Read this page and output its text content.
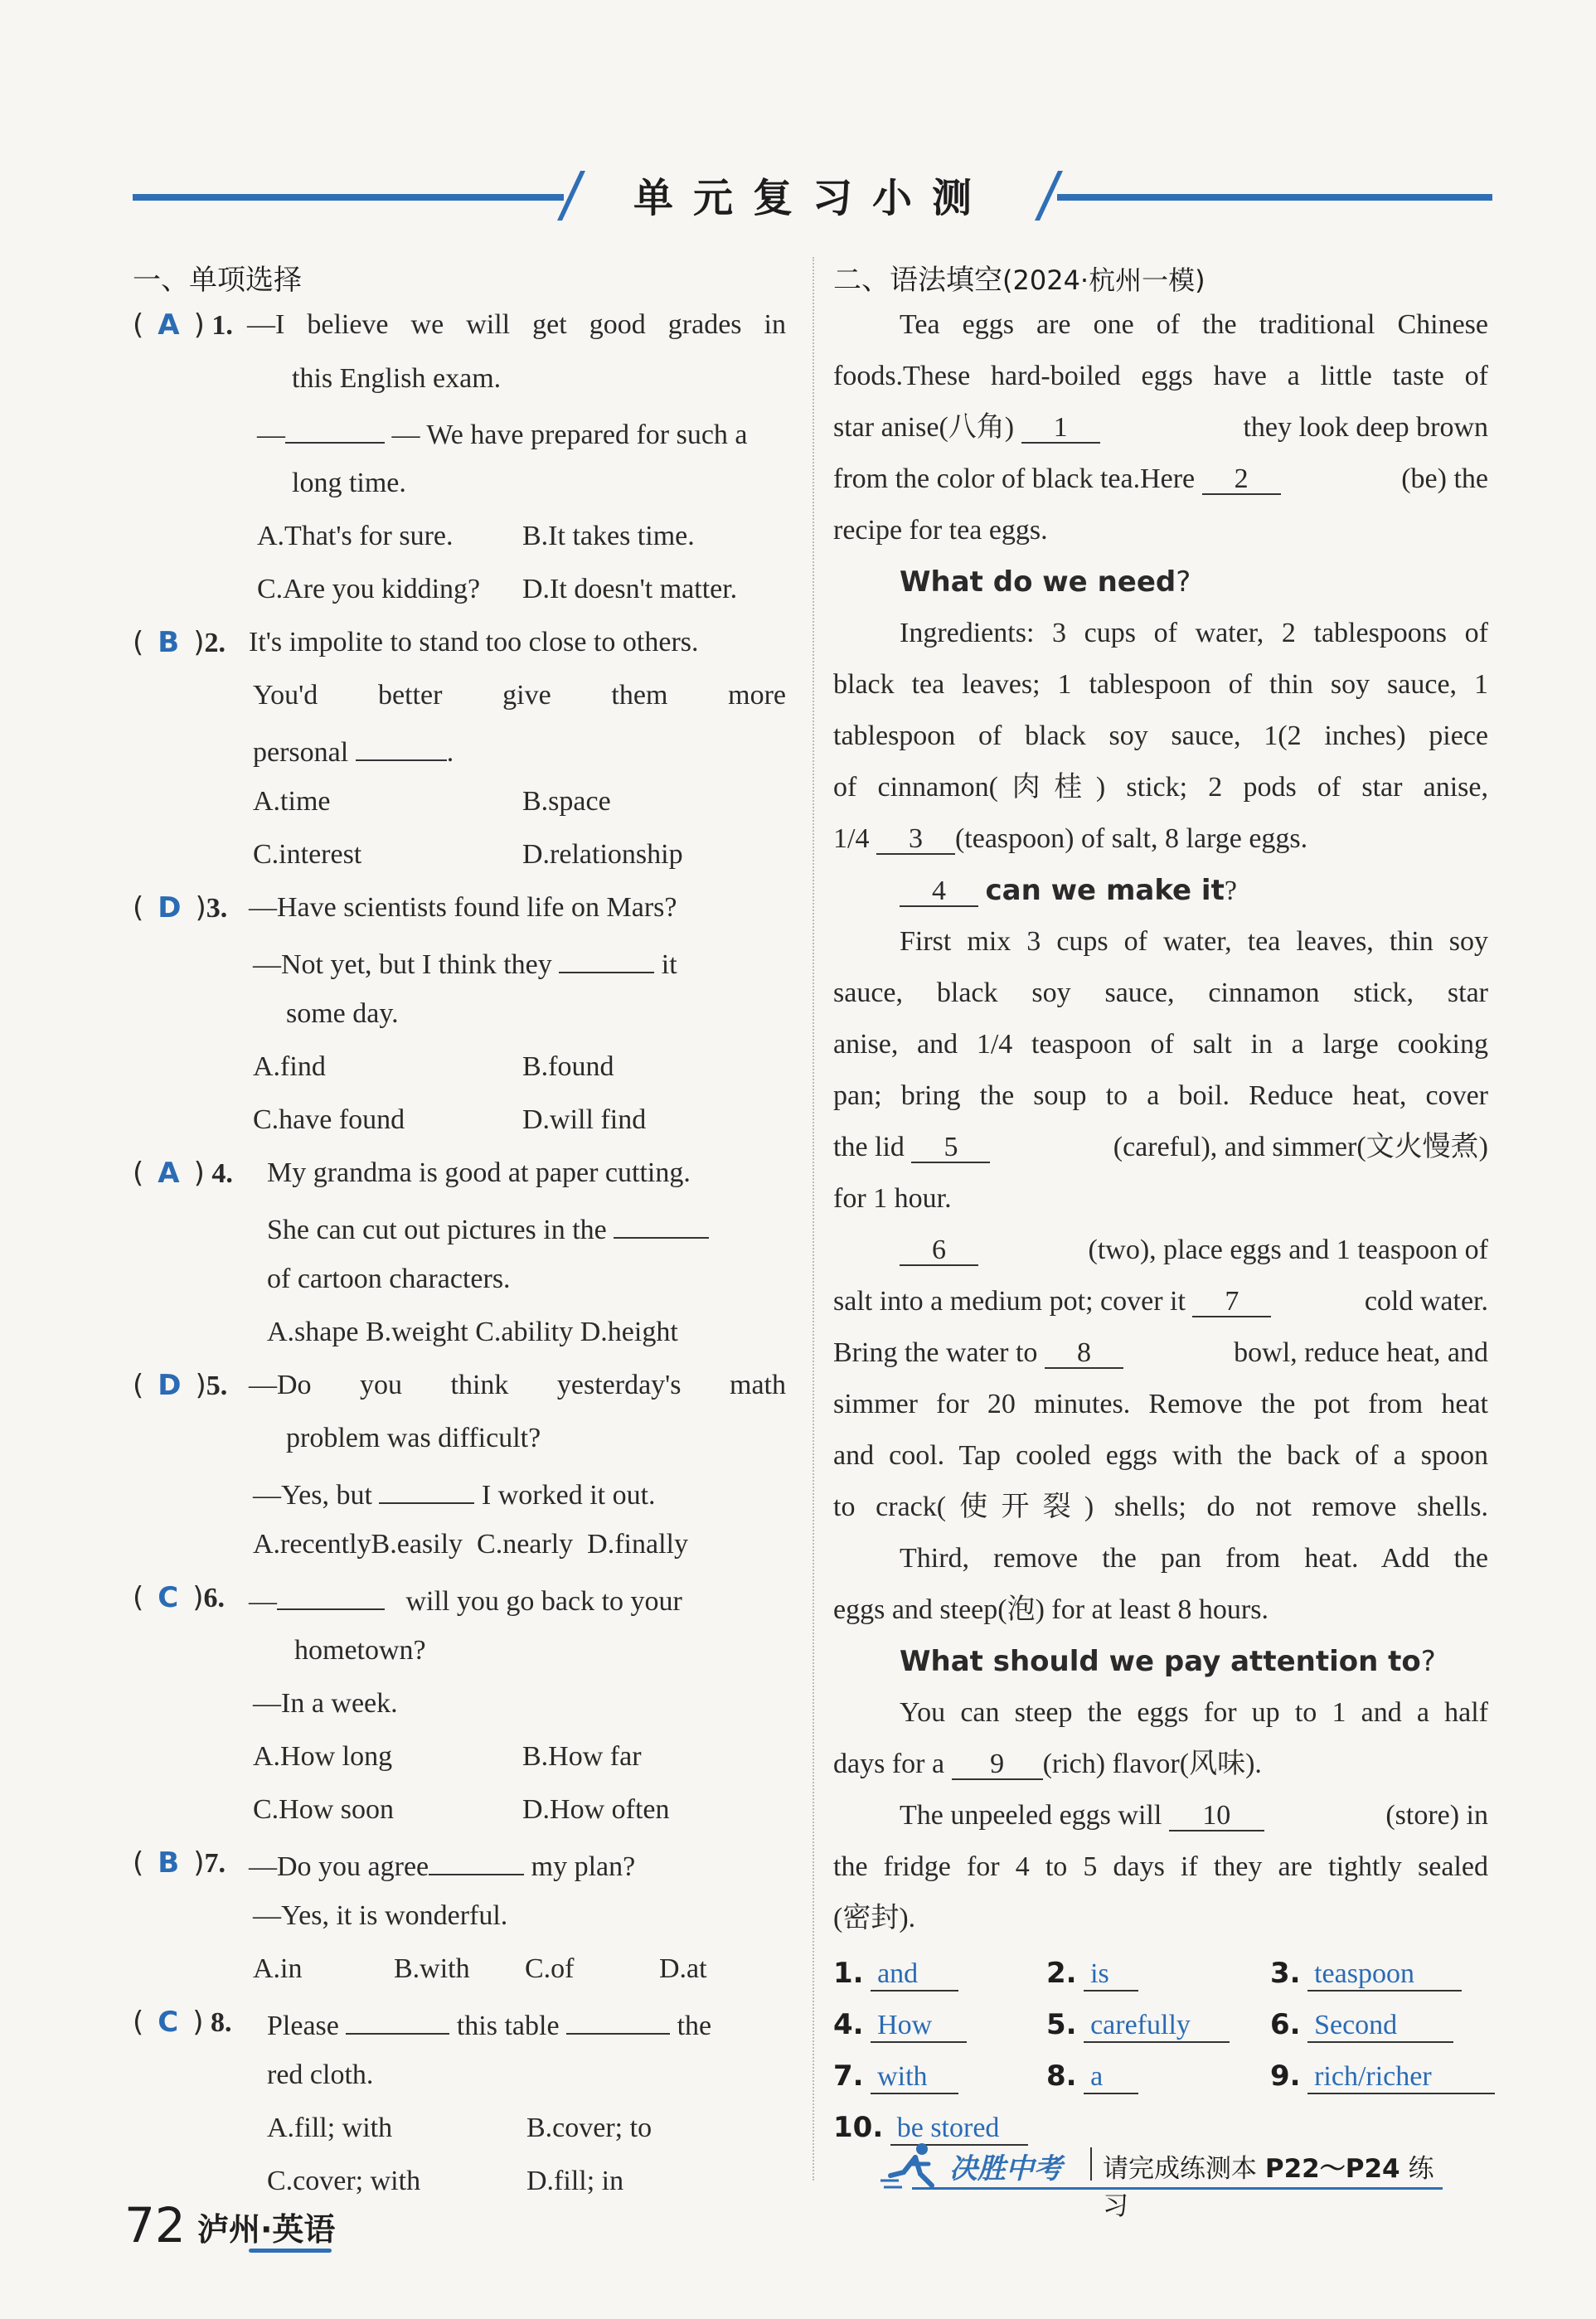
单元复习小测
一、单项选择
( A ) 1. —I believe we will get good grades in
this English exam.
—	— We have prepared for such a
long time.
A.That's for sure. B.It takes time.
C.Are you kidding? D.It doesn't matter.
( B )2. It's impolite to stand too close to others.
You'd better give them more
personal	.
A.time	B.space
C.interest	D.relationship
( D )3. —Have scientists found life on Mars?
—Not yet, but I think they	it
some day.
A.find	B.found
C.have found	D.will find
( A ) 4. My grandma is good at paper cutting.
She can cut out pictures in the
of cartoon characters.
A.shape B.weight C.ability D.height
( D )5. —Do you think yesterday's math
problem was difficult?
—Yes, but	I worked it out.
A.recentlyB.easily C.nearly D.finally
( C )6. —	will you go back to your
hometown?
—In a week.
A.How long	B.How far
C.How soon	D.How often
( B )7. —Do you agree	my plan?
—Yes, it is wonderful.
A.in	B.with C.of	D.at
( C ) 8. Please	this table	the
red cloth.
A.fill; with	B.cover; to
C.cover; with	D.fill; in
二、语法填空(2024·杭州一模)
Tea eggs are one of the traditional Chinese
foods.These hard-boiled eggs have a little taste of
star anise(八角) 1	they look deep brown
from the color of black tea.Here 2	(be) the
recipe for tea eggs.
What do we need?
Ingredients: 3 cups of water, 2 tablespoons of
black tea leaves; 1 tablespoon of thin soy sauce, 1
tablespoon of black soy sauce, 1(2 inches) piece
of cinnamon(肉桂) stick; 2 pods of star anise,
1/4 3 (teaspoon) of salt, 8 large eggs.
4 can we make it?
First mix 3 cups of water, tea leaves, thin soy
sauce, black soy sauce, cinnamon stick, star
anise, and 1/4 teaspoon of salt in a large cooking
pan; bring the soup to a boil. Reduce heat, cover
the lid 5	(careful), and simmer(文火慢煮)
for 1 hour.
6	(two), place eggs and 1 teaspoon of
salt into a medium pot; cover it 7	cold water.
Bring the water to 8	bowl, reduce heat, and
simmer for 20 minutes. Remove the pot from heat
and cool. Tap cooled eggs with the back of a spoon
to crack(使开裂) shells; do not remove shells.
Third, remove the pan from heat. Add the
eggs and steep(泡) for at least 8 hours.
What should we pay attention to?
You can steep the eggs for up to 1 and a half
days for a 9 (rich) flavor(风味).
The unpeeled eggs will 10	(store) in
the fridge for 4 to 5 days if they are tightly sealed
(密封).
1. and	2. is	3. teaspoon
4. How	5. carefully	6. Second
7. with	8. a	9. rich/richer
10. be stored
决胜中考 请完成练测本 P22～P24 练习
72 泸州·英语
